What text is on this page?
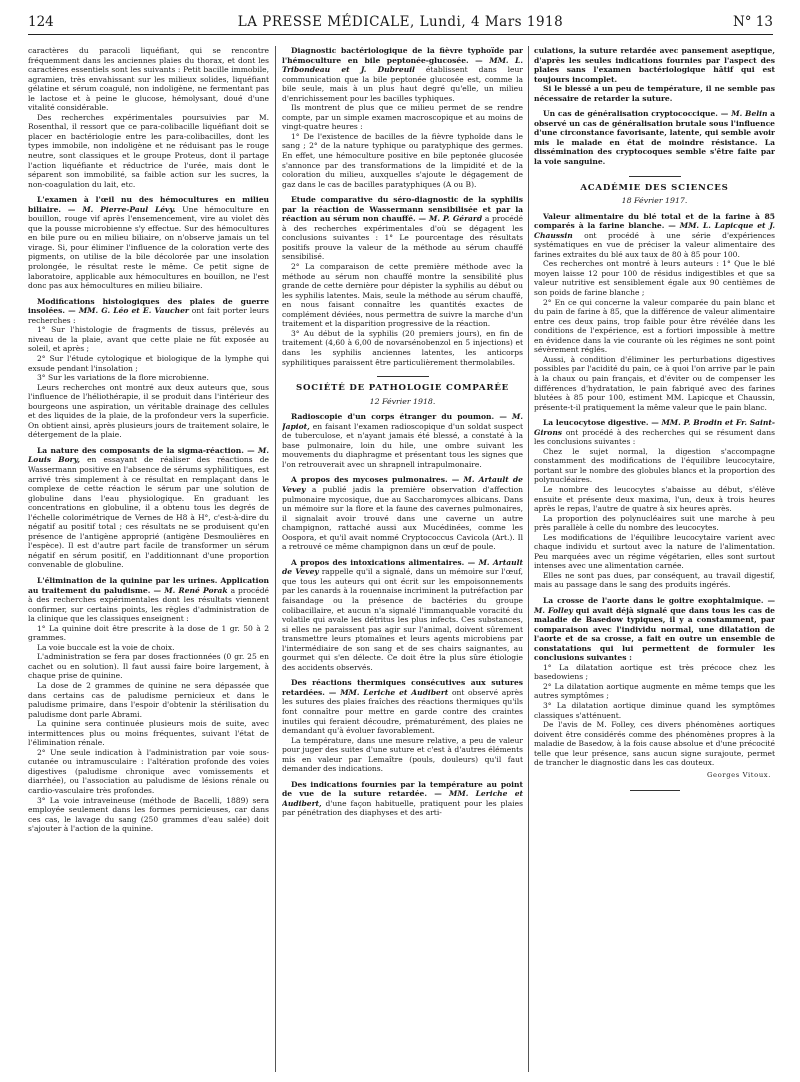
124	LA PRESSE MÉDICALE, Lundi, 4 Mars 1918	N° 13

caractères du paracoli liquéfiant, qui se rencontre fréquemment dans les anciennes plaies du thorax, et dont les caractères essentiels sont les suivants : Petit bacille immobile, agramien, très envahissant sur les milieux solides, liquéfiant gélatine et sérum coagulé, non indoligène, ne fermentant pas le lactose et à peine le glucose, hémolysant, doué d'une vitalité considérable.

Des recherches expérimentales poursuivies par M. Rosenthal, il ressort que ce para-colibacille liquéfiant doit se placer en bactériologie entre les para-colibacilles, dont les types immobile, non indoligène et ne réduisant pas le rouge neutre, sont classiques et le groupe Proteus, dont il partage l'action liquéfiante et réductrice de l'urée, mais dont le séparent son immobilité, sa faible action sur les sucres, la non-coagulation du lait, etc.

L'examen à l'œil nu des hémocultures en milieu biliaire. — M. Pierre-Paul Lévy. Une hémoculture en bouillon, rouge vif après l'ensemencement, vire au violet dès que la pousse microbienne s'y effectue. Sur des hémocultures en bile pure ou en milieu biliaire, on n'observe jamais un tel virage. Si, pour éliminer l'influence de la coloration verte des pigments, on utilise de la bile décolorée par une insolation prolongée, le résultat reste le même. Ce petit signe de laboratoire, applicable aux hémocultures en bouillon, ne l'est donc pas aux hémocultures en milieu biliaire.

Modifications histologiques des plaies de guerre insolées. — MM. G. Léo et E. Vaucher ont fait porter leurs recherches :

1° Sur l'histologie de fragments de tissus, prélevés au niveau de la plaie, avant que cette plaie ne fût exposée au soleil, et après ;

2° Sur l'étude cytologique et biologique de la lymphe qui exsude pendant l'insolation ;

3° Sur les variations de la flore microbienne.

Leurs recherches ont montré aux deux auteurs que, sous l'influence de l'héliothérapie, il se produit dans l'intérieur des bourgeons une aspiration, un véritable drainage des cellules et des liquides de la plaie, de la profondeur vers la superficie. On obtient ainsi, après plusieurs jours de traitement solaire, le détergement de la plaie.

La nature des composants de la sigma-réaction. — M. Louis Bory, en essayant de réaliser des réactions de Wassermann positive en l'absence de sérums syphilitiques, est arrivé très simplement à ce résultat en remplaçant dans le complexe de cette réaction le sérum par une solution de globuline dans l'eau physiologique. En graduant les concentrations en globuline, il a obtenu tous les degrés de l'échelle colorimétrique de Vernes de H8 à H°, c'est-à-dire du négatif au positif total ; ces résultats ne se produisent qu'en présence de l'antigène approprié (antigène Desmoulières en l'espèce). Il est d'autre part facile de transformer un sérum négatif en sérum positif, en l'additionnant d'une proportion convenable de globuline.

L'élimination de la quinine par les urines. Application au traitement du paludisme. — M. René Porak a procédé à des recherches expérimentales dont les résultats viennent confirmer, sur certains points, les règles d'administration de la clinique que les classiques enseignent :

1° La quinine doit être prescrite à la dose de 1 gr. 50 à 2 grammes.

La voie buccale est la voie de choix.

L'administration se fera par doses fractionnées (0 gr. 25 en cachet ou en solution). Il faut aussi faire boire largement, à chaque prise de quinine.

La dose de 2 grammes de quinine ne sera dépassée que dans certains cas de paludisme pernicieux et dans le paludisme primaire, dans l'espoir d'obtenir la stérilisation du paludisme dont parle Abrami.

La quinine sera continuée plusieurs mois de suite, avec intermittences plus ou moins fréquentes, suivant l'état de l'élimination rénale.

2° Une seule indication à l'administration par voie sous-cutanée ou intramusculaire : l'altération profonde des voies digestives (paludisme chronique avec vomissements et diarrhée), ou l'association au paludisme de lésions rénale ou cardio-vasculaire très profondes.

3° La voie intraveineuse (méthode de Bacelli, 1889) sera employée seulement dans les formes pernicieuses, car dans ces cas, le lavage du sang (250 grammes d'eau salée) doit s'ajouter à l'action de la quinine.

Diagnostic bactériologique de la fièvre typhoïde par l'hémoculture en bile peptonée-glucosée. — MM. L. Tribondeau et J. Dubreuil établissent dans leur communication que la bile peptonée glucosée est, comme la bile seule, mais à un plus haut degré qu'elle, un milieu d'enrichissement pour les bacilles typhiques.

Ils montrent de plus que ce milieu permet de se rendre compte, par un simple examen macroscopique et au moins de vingt-quatre heures :

1° De l'existence de bacilles de la fièvre typhoïde dans le sang ; 2° de la nature typhique ou paratyphique des germes. En effet, une hémoculture positive en bile peptonée glucosée s'annonce par des transformations de la limpidité et de la coloration du milieu, auxquelles s'ajoute le dégagement de gaz dans le cas de bacilles paratyphiques (A ou B).

Etude comparative du séro-diagnostic de la syphilis par la réaction de Wassermann sensibilisée et par la réaction au sérum non chauffé. — M. P. Gérard a procédé à des recherches expérimentales d'où se dégagent les conclusions suivantes : 1° Le pourcentage des résultats positifs prouve la valeur de la méthode au sérum chauffé sensibilisé.

2° La comparaison de cette première méthode avec la méthode au sérum non chauffé montre la sensibilité plus grande de cette dernière pour dépister la syphilis au début ou les syphilis latentes. Mais, seule la méthode au sérum chauffé, en nous faisant connaître les quantités exactes de complément déviées, nous permettra de suivre la marche d'un traitement et la disparition progressive de la réaction.

3° Au début de la syphilis (20 premiers jours), en fin de traitement (4,60 à 6,00 de novarsénobenzol en 5 injections) et dans les syphilis anciennes latentes, les anticorps syphilitiques paraissent être particulièrement thermolabiles.

SOCIÉTÉ DE PATHOLOGIE COMPARÉE
12 Février 1918.

Radioscopie d'un corps étranger du poumon. — M. Japiot, en faisant l'examen radioscopique d'un soldat suspect de tuberculose, et n'ayant jamais été blessé, a constaté à la base pulmonaire, loin du hile, une ombre suivant les mouvements du diaphragme et présentant tous les signes que l'on retrouverait avec un shrapnell intrapulmonaire.

A propos des mycoses pulmonaires. — M. Artault de Vevey a publié jadis la première observation d'affection pulmonaire mycosique, due au Saccharomyces albicans. Dans un mémoire sur la flore et la faune des cavernes pulmonaires, il signalait avoir trouvé dans une caverne un autre champignon, rattaché aussi aux Mucédinées, comme les Oospora, et qu'il avait nommé Cryptococcus Cavicola (Art.). Il a retrouvé ce même champignon dans un œuf de poule.

A propos des intoxications alimentaires. — M. Artault de Vevey rappelle qu'il a signalé, dans un mémoire sur l'œuf, que tous les auteurs qui ont écrit sur les empoisonnements par les canards à la rouennaise incriminent la putréfaction par faisandage ou la présence de bactéries du groupe colibacillaire, et aucun n'a signalé l'immanquable voracité du volatile qui avale les détritus les plus infects. Ces substances, si elles ne paraissent pas agir sur l'animal, doivent sûrement transmettre leurs ptomaïnes et leurs agents microbiens par l'intermédiaire de son sang et de ses chairs saignantes, au gourmet qui s'en délecte. Ce doit être la plus sûre étiologie des accidents observés.

Des réactions thermiques consécutives aux sutures retardées. — MM. Leriche et Audibert ont observé après les sutures des plaies fraîches des réactions thermiques qu'ils font connaître pour mettre en garde contre des craintes inutiles qui feraient découdre, prématurément, des plaies ne demandant qu'à évoluer favorablement.

La température, dans une mesure relative, a peu de valeur pour juger des suites d'une suture et c'est à d'autres éléments mis en valeur par Lemaître (pouls, douleurs) qu'il faut demander des indications.

Des indications fournies par la température au point de vue de la suture retardée. — MM. Leriche et Audibert, d'une façon habituelle, pratiquent pour les plaies par pénétration des diaphyses et des arti-

culations, la suture retardée avec pansement aseptique, d'après les seules indications fournies par l'aspect des plaies sans l'examen bactériologique hâtif qui est toujours incomplet.

Si le blessé a un peu de température, il ne semble pas nécessaire de retarder la suture.

Un cas de généralisation cryptococcique. — M. Belin a observé un cas de généralisation brutale sous l'influence d'une circonstance favorisante, latente, qui semble avoir mis le malade en état de moindre résistance. La dissémination des cryptocoques semble s'être faite par la voie sanguine.

ACADÉMIE DES SCIENCES
18 Février 1917.

Valeur alimentaire du blé total et de la farine à 85 comparés à la farine blanche. — MM. L. Lapicque et J. Chaussin ont procédé à une série d'expériences systématiques en vue de préciser la valeur alimentaire des farines extraites du blé aux taux de 80 à 85 pour 100.

Ces recherches ont montré à leurs auteurs : 1° Que le blé moyen laisse 12 pour 100 de résidus indigestibles et que sa valeur nutritive est sensiblement égale aux 90 centièmes de son poids de farine blanche ;

2° En ce qui concerne la valeur comparée du pain blanc et du pain de farine à 85, que la différence de valeur alimentaire entre ces deux pains, trop faible pour être révélée dans les conditions de l'expérience, est a fortiori impossible à mettre en évidence dans la vie courante où les régimes ne sont point sévèrement réglés.

Aussi, à condition d'éliminer les perturbations digestives possibles par l'acidité du pain, ce à quoi l'on arrive par le pain à la chaux ou pain français, et d'éviter ou de compenser les différences d'hydratation, le pain fabriqué avec des farines blutées à 85 pour 100, estiment MM. Lapicque et Chaussin, présente-t-il pratiquement la même valeur que le pain blanc.

La leucocytose digestive. — MM. P. Brodin et Fr. Saint-Girons ont procédé à des recherches qui se résument dans les conclusions suivantes :

Chez le sujet normal, la digestion s'accompagne constamment des modifications de l'équilibre leucocytaire, portant sur le nombre des globules blancs et la proportion des polynucléaires.

Le nombre des leucocytes s'abaisse au début, s'élève ensuite et présente deux maxima, l'un, deux à trois heures après le repas, l'autre de quatre à six heures après.

La proportion des polynucléaires suit une marche à peu près parallèle à celle du nombre des leucocytes.

Les modifications de l'équilibre leucocytaire varient avec chaque individu et surtout avec la nature de l'alimentation. Peu marquées avec un régime végétarien, elles sont surtout intenses avec une alimentation carnée.

Elles ne sont pas dues, par conséquent, au travail digestif, mais au passage dans le sang des produits ingérés.

La crosse de l'aorte dans le goitre exophtalmique. — M. Folley qui avait déjà signalé que dans tous les cas de maladie de Basedow typiques, il y a constamment, par comparaison avec l'individu normal, une dilatation de l'aorte et de sa crosse, a fait en outre un ensemble de constatations qui lui permettent de formuler les conclusions suivantes :

1° La dilatation aortique est très précoce chez les basedowiens ;

2° La dilatation aortique augmente en même temps que les autres symptômes ;

3° La dilatation aortique diminue quand les symptômes classiques s'atténuent.

De l'avis de M. Folley, ces divers phénomènes aortiques doivent être considérés comme des phénomènes propres à la maladie de Basedow, à la fois cause absolue et d'une précocité telle que leur présence, sans aucun signe surajoute, permet de trancher le diagnostic dans les cas douteux.

Georges Vitoux.
